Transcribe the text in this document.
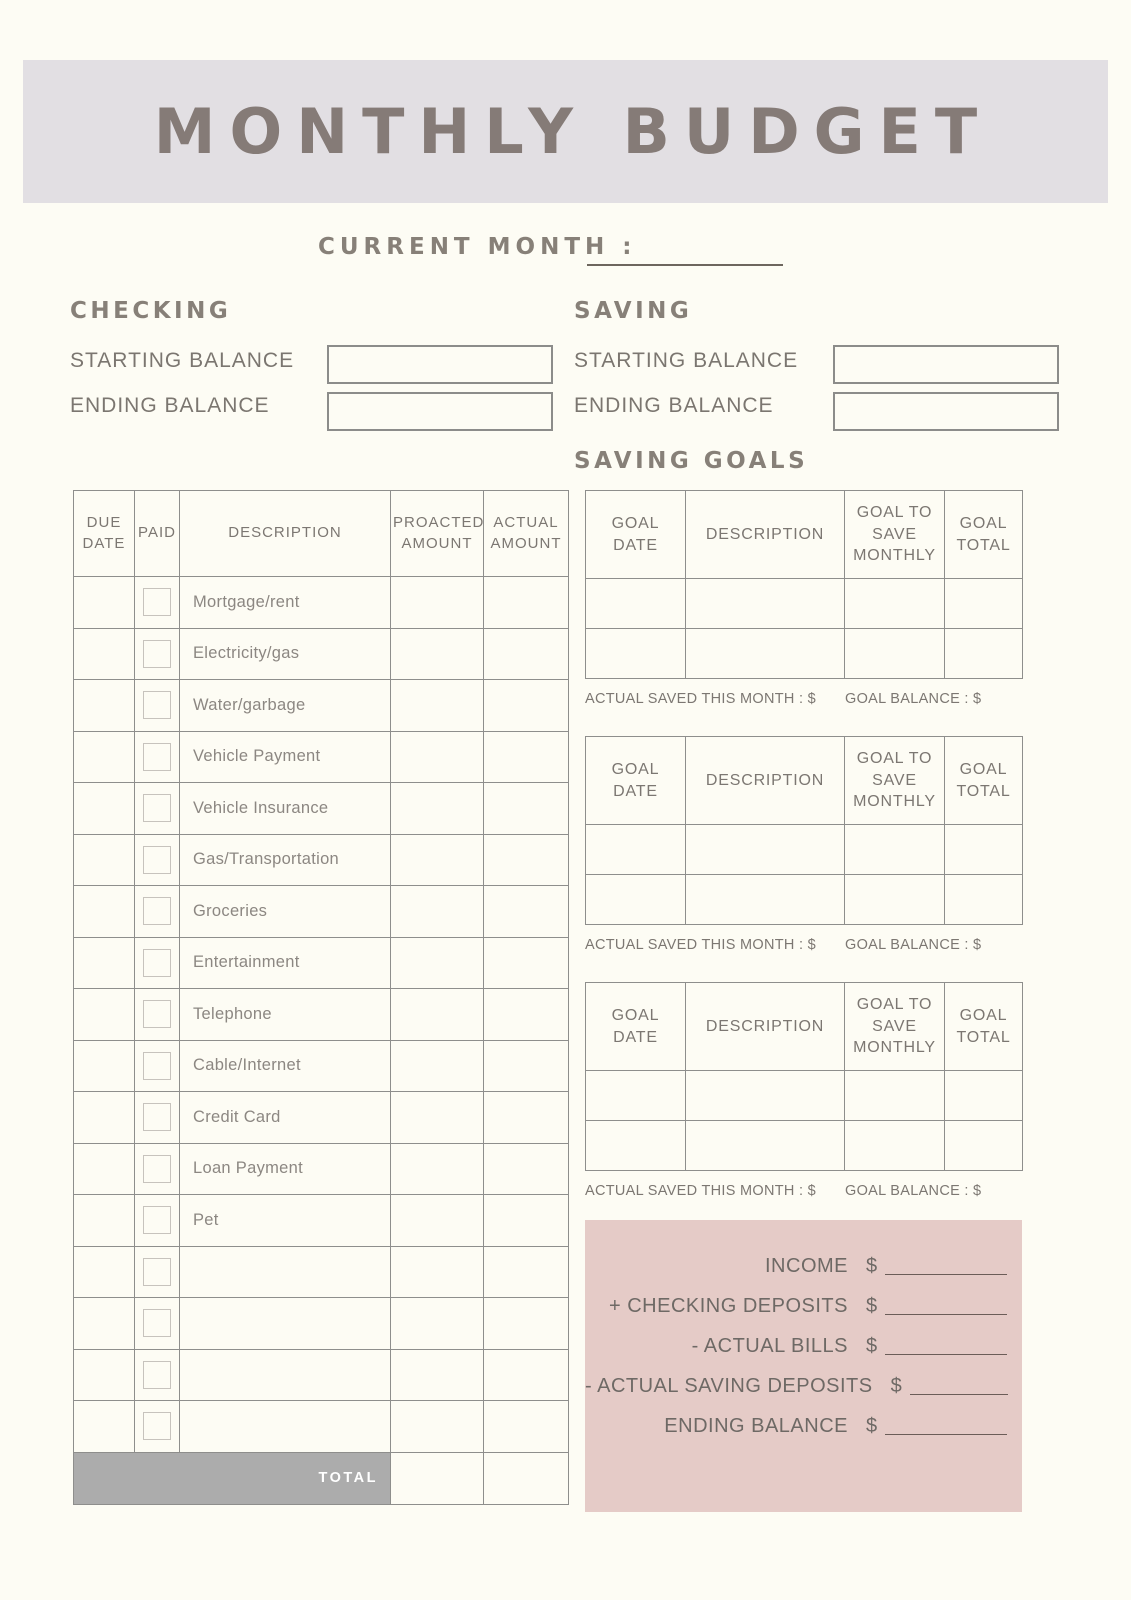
MONTHLY BUDGET
CURRENT MONTH :
CHECKING
STARTING BALANCE
ENDING BALANCE
SAVING
STARTING BALANCE
ENDING BALANCE
SAVING GOALS
DUE DATE	PAID	DESCRIPTION	PROACTED AMOUNT	ACTUAL AMOUNT
		Mortgage/rent		
		Electricity/gas		
		Water/garbage		
		Vehicle Payment		
		Vehicle Insurance		
		Gas/Transportation		
		Groceries		
		Entertainment		
		Telephone		
		Cable/Internet		
		Credit Card		
		Loan Payment		
		Pet		

TOTAL				
GOAL DATE	DESCRIPTION	GOAL TO SAVE MONTHLY	GOAL TOTAL

ACTUAL SAVED THIS MONTH : $ GOAL BALANCE : $
GOAL DATE	DESCRIPTION	GOAL TO SAVE MONTHLY	GOAL TOTAL

ACTUAL SAVED THIS MONTH : $ GOAL BALANCE : $
GOAL DATE	DESCRIPTION	GOAL TO SAVE MONTHLY	GOAL TOTAL

ACTUAL SAVED THIS MONTH : $ GOAL BALANCE : $
INCOME $
+ CHECKING DEPOSITS $
- ACTUAL BILLS $
- ACTUAL SAVING DEPOSITS $
ENDING BALANCE $
